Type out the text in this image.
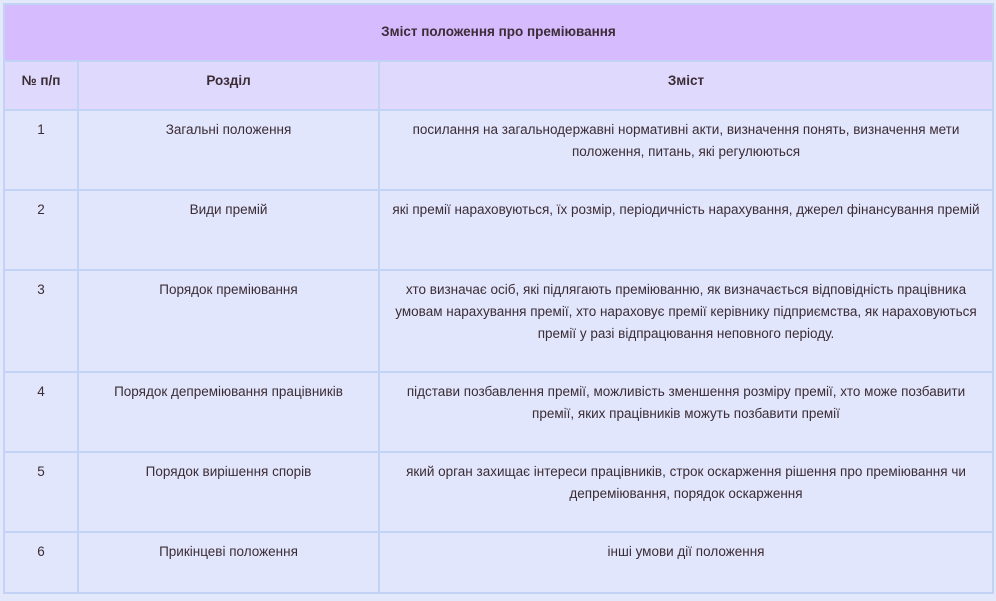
Зміст положення про преміювання		
№ п/п	Розділ	Зміст
1	Загальні положення	посилання на загальнодержавні нормативні акти, визначення понять, визначення мети положення, питань, які регулюються
2	Види премій	які премії нараховуються, їх розмір, періодичність нарахування, джерел фінансування премій
3	Порядок преміювання	хто визначає осіб, які підлягають преміюванню, як визначається відповідність працівника умовам нарахування премії, хто нараховує премії керівнику підприємства, як нараховуються премії у разі відпрацювання неповного періоду.
4	Порядок депреміювання працівників	підстави позбавлення премії, можливість зменшення розміру премії, хто може позбавити премії, яких працівників можуть позбавити премії
5	Порядок вирішення спорів	який орган захищає інтереси працівників, строк оскарження рішення про преміювання чи депреміювання, порядок оскарження
6	Прикінцеві положення	інші умови дії положення
